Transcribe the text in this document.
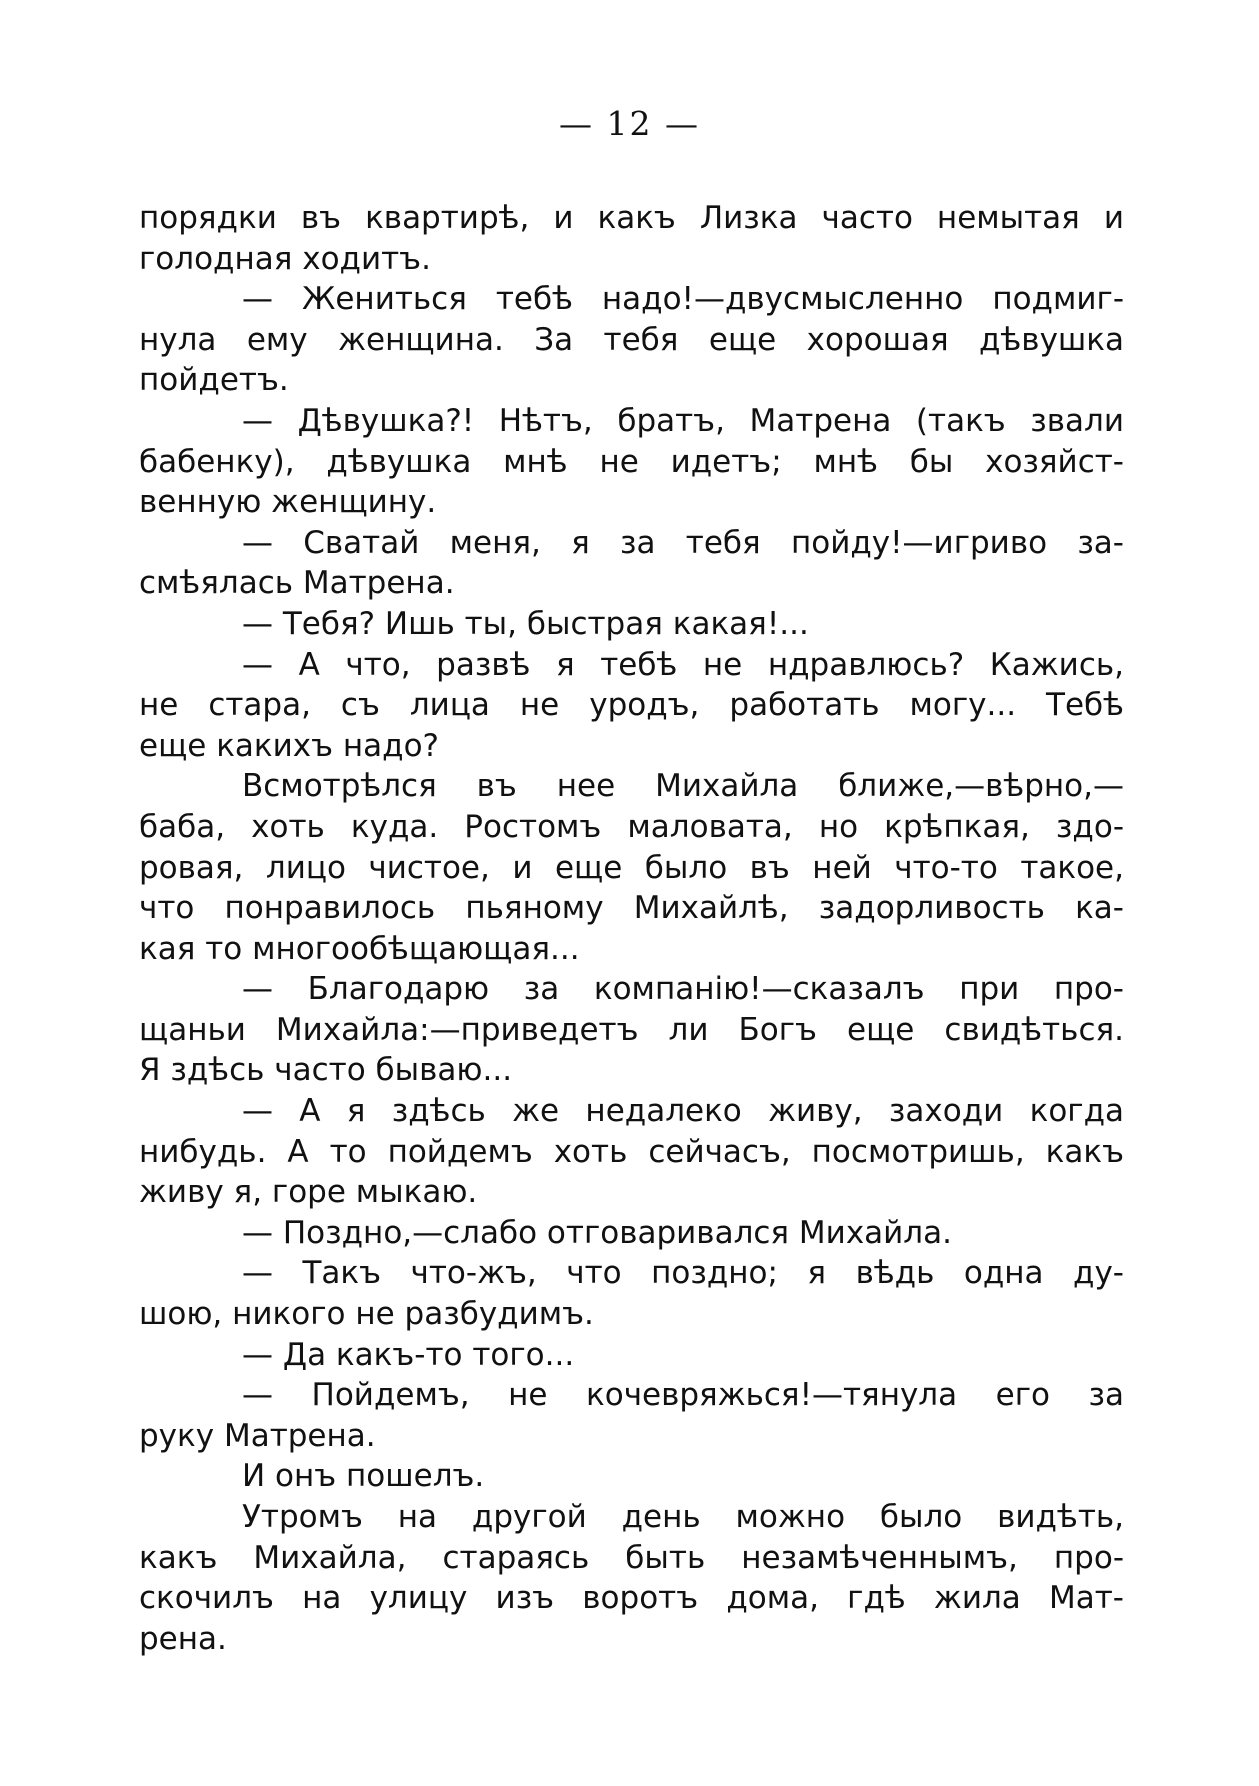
— 12 —
порядки въ квартирѣ, и какъ Лизка часто немытая и
голодная ходитъ.
— Жениться тебѣ надо!—двусмысленно подмиг-
нула ему женщина. За тебя еще хорошая дѣвушка
пойдетъ.
— Дѣвушка?! Нѣтъ, братъ, Матрена (такъ звали
бабенку), дѣвушка мнѣ не идетъ; мнѣ бы хозяйст-
венную женщину.
— Сватай меня, я за тебя пойду!—игриво за-
смѣялась Матрена.
— Тебя? Ишь ты, быстрая какая!...
— А что, развѣ я тебѣ не ндравлюсь? Кажись,
не стара, съ лица не уродъ, работать могу... Тебѣ
еще какихъ надо?
Всмотрѣлся въ нее Михайла ближе,—вѣрно,—
баба, хоть куда. Ростомъ маловата, но крѣпкая, здо-
ровая, лицо чистое, и еще было въ ней что-то такое,
что понравилось пьяному Михайлѣ, задорливость ка-
кая то многообѣщающая...
— Благодарю за компанію!—сказалъ при про-
щаньи Михайла:—приведетъ ли Богъ еще свидѣться.
Я здѣсь часто бываю...
— А я здѣсь же недалеко живу, заходи когда
нибудь. А то пойдемъ хоть сейчасъ, посмотришь, какъ
живу я, горе мыкаю.
— Поздно,—слабо отговаривался Михайла.
— Такъ что-жъ, что поздно; я вѣдь одна ду-
шою, никого не разбудимъ.
— Да какъ-то того...
— Пойдемъ, не кочевряжься!—тянула его за
руку Матрена.
И онъ пошелъ.
Утромъ на другой день можно было видѣть,
какъ Михайла, стараясь быть незамѣченнымъ, про-
скочилъ на улицу изъ воротъ дома, гдѣ жила Мат-
рена.
